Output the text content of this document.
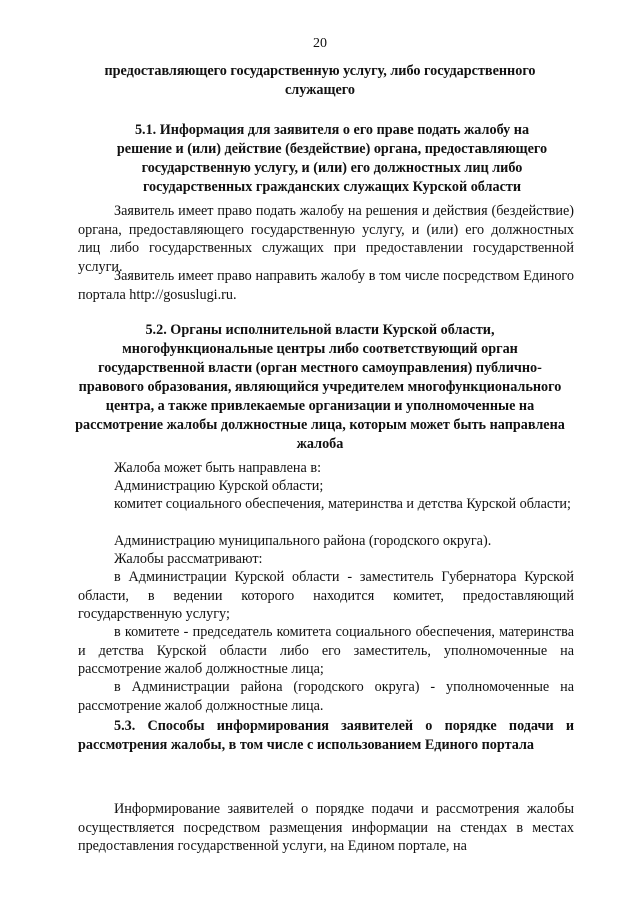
20
предоставляющего государственную услугу, либо государственного служащего
5.1. Информация для заявителя о его праве подать жалобу на решение и (или) действие (бездействие) органа, предоставляющего государственную услугу, и (или) его должностных лиц либо государственных гражданских служащих Курской области
Заявитель имеет право подать жалобу на решения и действия (бездействие) органа, предоставляющего государственную услугу, и (или) его должностных лиц либо государственных служащих при предоставлении государственной услуги.
Заявитель имеет право направить жалобу в том числе посредством Единого портала http://gosuslugi.ru.
5.2. Органы исполнительной власти Курской области, многофункциональные центры либо соответствующий орган государственной власти (орган местного самоуправления) публично-правового образования, являющийся учредителем многофункционального центра, а также привлекаемые организации и уполномоченные на рассмотрение жалобы должностные лица, которым может быть направлена жалоба
Жалоба может быть направлена в:
Администрацию Курской области;
комитет социального обеспечения, материнства и детства Курской области;
Администрацию муниципального района (городского округа).
Жалобы рассматривают:
в Администрации Курской области - заместитель Губернатора Курской области, в ведении которого находится комитет, предоставляющий государственную услугу;
в комитете - председатель комитета социального обеспечения, материнства и детства Курской области либо его заместитель, уполномоченные на рассмотрение жалоб должностные лица;
в Администрации района (городского округа) - уполномоченные на рассмотрение жалоб должностные лица.
5.3. Способы информирования заявителей о порядке подачи и рассмотрения жалобы, в том числе с использованием Единого портала
Информирование заявителей о порядке подачи и рассмотрения жалобы осуществляется посредством размещения информации на стендах в местах предоставления государственной услуги, на Едином портале, на
